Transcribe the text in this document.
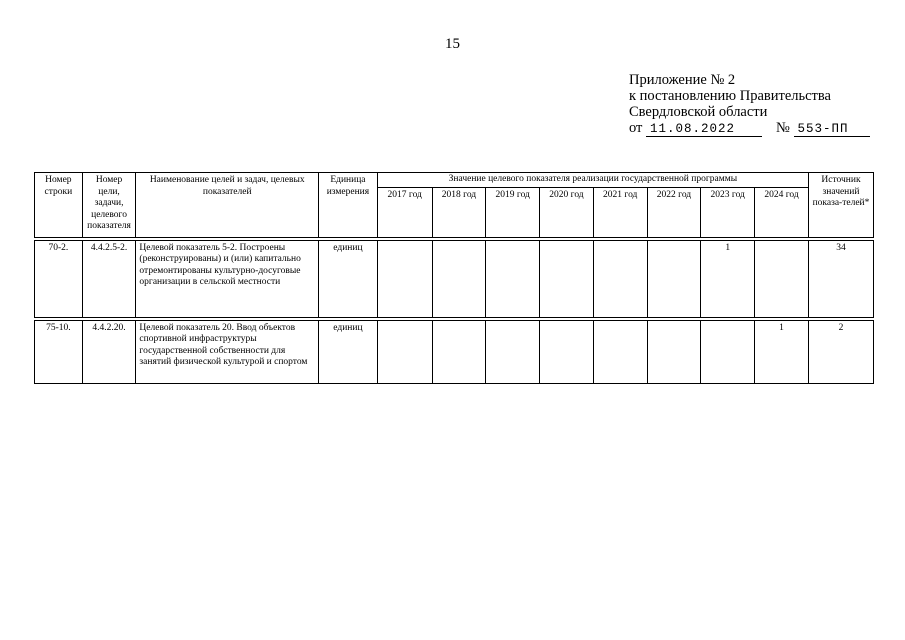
15
Приложение № 2
к постановлению Правительства
Свердловской области
от 11.08.2022	№ 553-ПП
Номер строки	Номер цели, задачи, целевого показателя	Наименование целей и задач, целевых показателей	Единица измерения	Значение целевого показателя реализации государственной программы								Источник значений показа-телей*
				2017 год	2018 год	2019 год	2020 год	2021 год	2022 год	2023 год	2024 год	

70-2.	4.4.2.5-2.	Целевой показатель 5-2. Построены (реконструированы) и (или) капитально отремонтированы культурно-досуговые организации в сельской местности	единиц							1		34

75-10.	4.4.2.20.	Целевой показатель 20. Ввод объектов спортивной инфраструктуры государственной собственности для занятий физической культурой и спортом	единиц								1	2
